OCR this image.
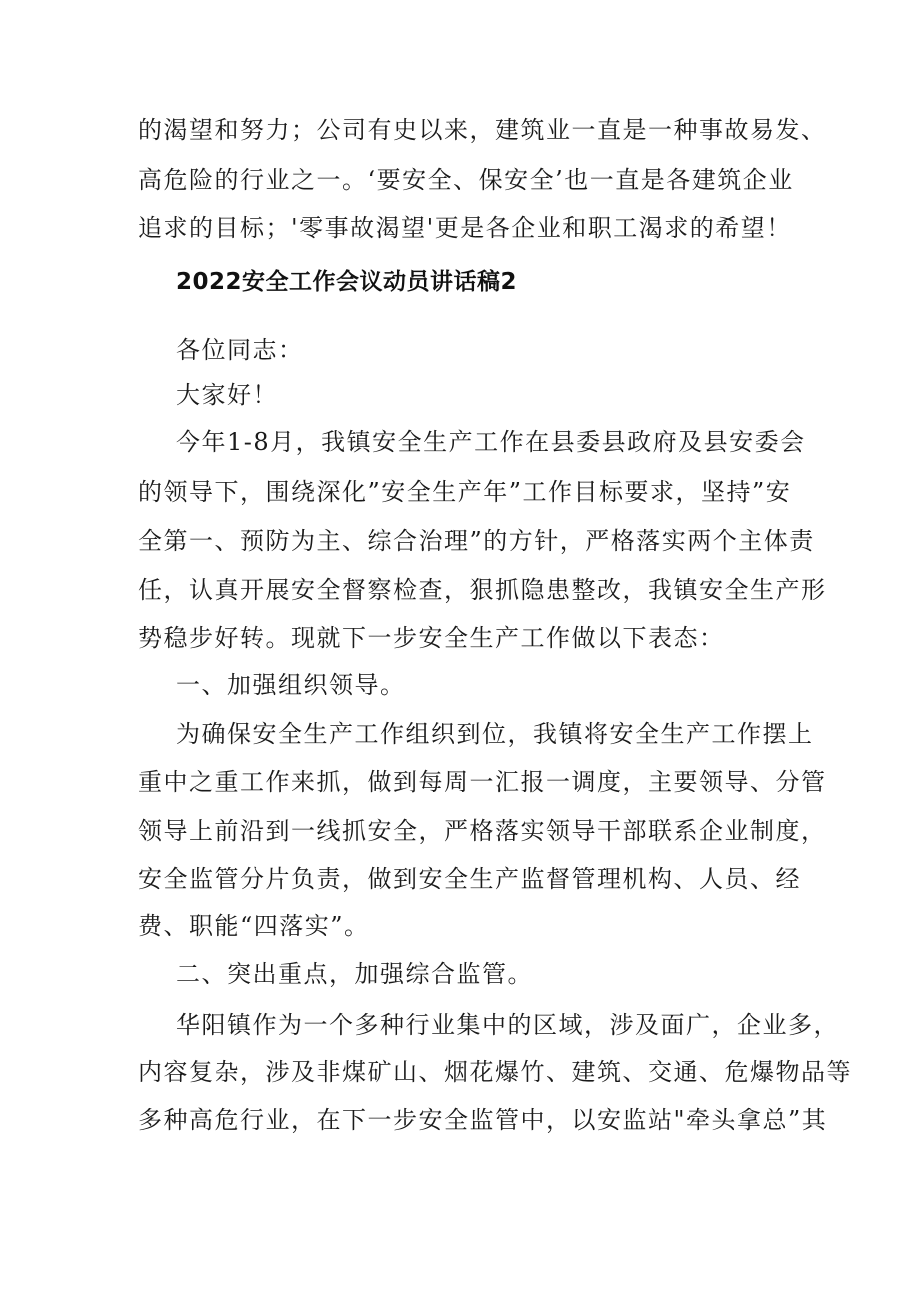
的渴望和努力；公司有史以来，建筑业一直是一种事故易发、
高危险的行业之一。‘要安全、保安全’也一直是各建筑企业
追求的目标；'零事故渴望'更是各企业和职工渴求的希望！
2022安全工作会议动员讲话稿2
各位同志：
大家好！
今年1-8月，我镇安全生产工作在县委县政府及县安委会
的领导下，围绕深化”安全生产年”工作目标要求，坚持”安
全第一、预防为主、综合治理”的方针，严格落实两个主体责
任，认真开展安全督察检查，狠抓隐患整改，我镇安全生产形
势稳步好转。现就下一步安全生产工作做以下表态：
一、加强组织领导。
为确保安全生产工作组织到位，我镇将安全生产工作摆上
重中之重工作来抓，做到每周一汇报一调度，主要领导、分管
领导上前沿到一线抓安全，严格落实领导干部联系企业制度，
安全监管分片负责，做到安全生产监督管理机构、人员、经
费、职能“四落实”。
二、突出重点，加强综合监管。
华阳镇作为一个多种行业集中的区域，涉及面广，企业多，
内容复杂，涉及非煤矿山、烟花爆竹、建筑、交通、危爆物品等
多种高危行业，在下一步安全监管中，以安监站"牵头拿总”其
